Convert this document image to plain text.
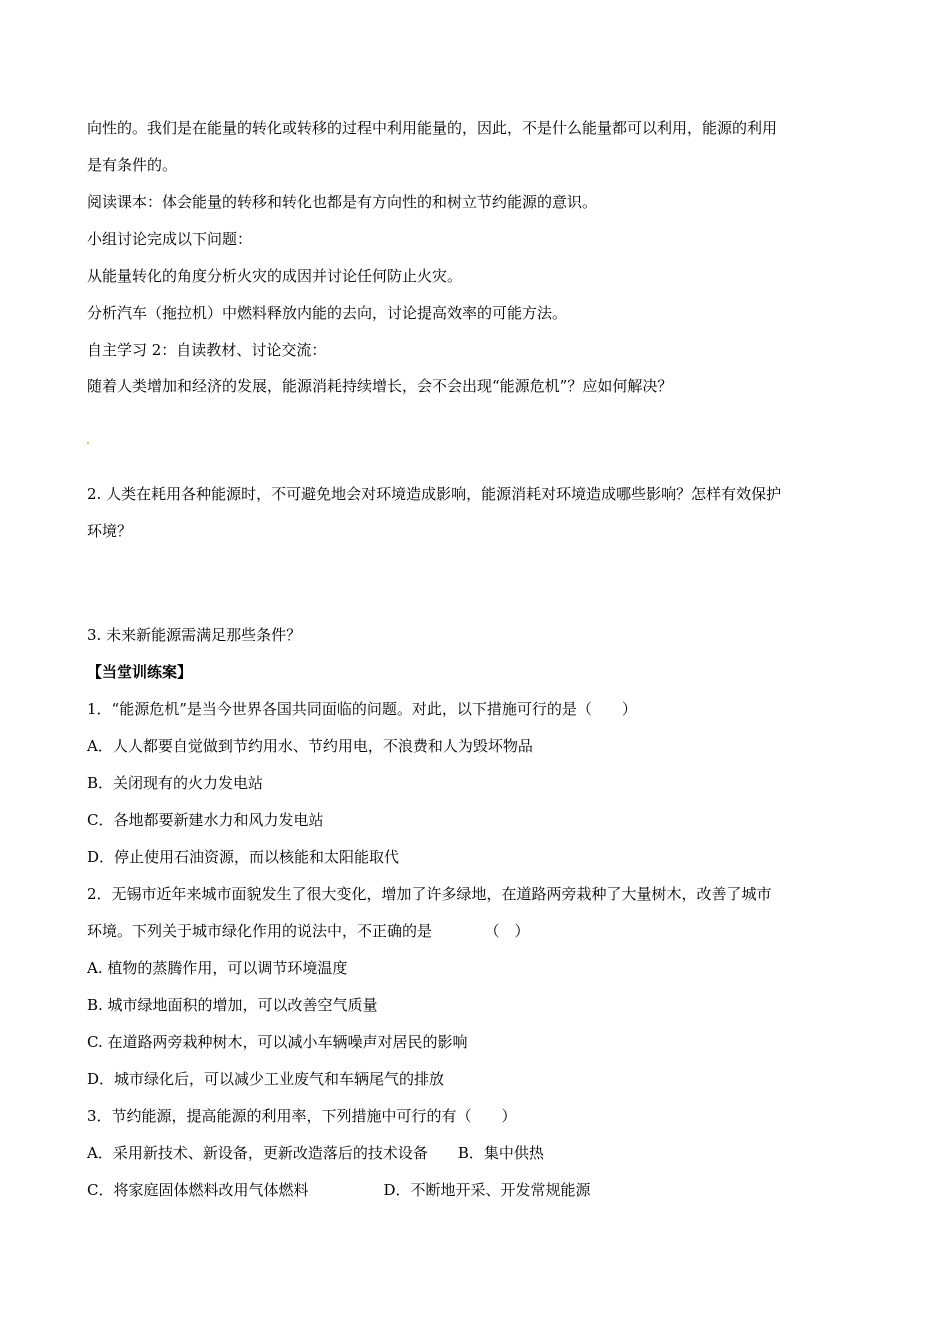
向性的。我们是在能量的转化或转移的过程中利用能量的，因此，不是什么能量都可以利用，能源的利用
是有条件的。
阅读课本：体会能量的转移和转化也都是有方向性的和树立节约能源的意识。
小组讨论完成以下问题：
从能量转化的角度分析火灾的成因并讨论任何防止火灾。
分析汽车（拖拉机）中燃料释放内能的去向，讨论提高效率的可能方法。
自主学习 2：自读教材、讨论交流：
随着人类增加和经济的发展，能源消耗持续增长，会不会出现“能源危机”？应如何解决？
2. 人类在耗用各种能源时，不可避免地会对环境造成影响，能源消耗对环境造成哪些影响？怎样有效保护
环境？
3. 未来新能源需满足那些条件？
【当堂训练案】
1．“能源危机”是当今世界各国共同面临的问题。对此，以下措施可行的是（　　）
A．人人都要自觉做到节约用水、节约用电，不浪费和人为毁坏物品
B．关闭现有的火力发电站
C．各地都要新建水力和风力发电站
D．停止使用石油资源，而以核能和太阳能取代
2．无锡市近年来城市面貌发生了很大变化，增加了许多绿地，在道路两旁栽种了大量树木，改善了城市
环境。下列关于城市绿化作用的说法中，不正确的是　　　　（　）
A. 植物的蒸腾作用，可以调节环境温度
B. 城市绿地面积的增加，可以改善空气质量
C. 在道路两旁栽种树木，可以减小车辆噪声对居民的影响
D．城市绿化后，可以减少工业废气和车辆尾气的排放
3．节约能源，提高能源的利用率，下列措施中可行的有（　　）
A．采用新技术、新设备，更新改造落后的技术设备　　B．集中供热
C．将家庭固体燃料改用气体燃料　　　　　D．不断地开采、开发常规能源
